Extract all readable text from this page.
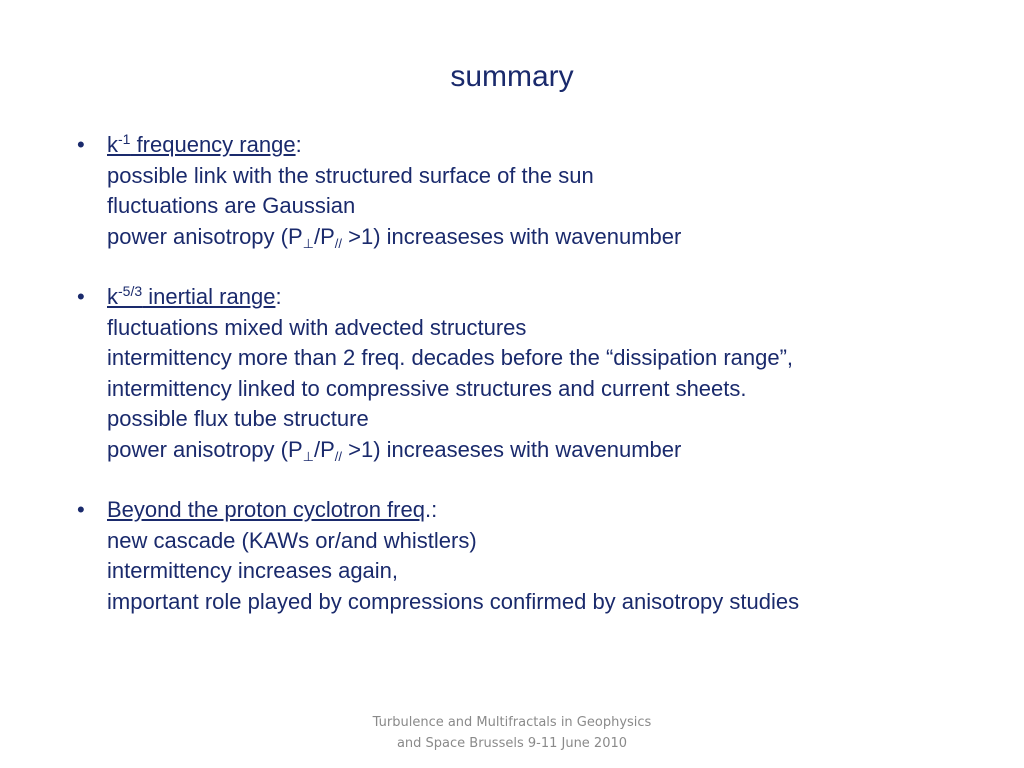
summary
• $k^{-1}$ frequency range:
possible link with the structured surface of the sun
fluctuations are Gaussian
power anisotropy $(P_\perp/P_{//} >1)$ increaseses with wavenumber
• $k^{-5/3}$ inertial range:
fluctuations mixed with advected structures
intermittency more than 2 freq. decades before the “dissipation range”,
intermittency linked to compressive structures and current sheets.
possible flux tube structure
power anisotropy $(P_\perp/P_{//} >1)$ increaseses with wavenumber
• Beyond the proton cyclotron freq.:
new cascade (KAWs or/and whistlers)
intermittency increases again,
important role played by compressions confirmed by anisotropy studies
Turbulence and Multifractals in Geophysics
and Space Brussels 9-11 June 2010
